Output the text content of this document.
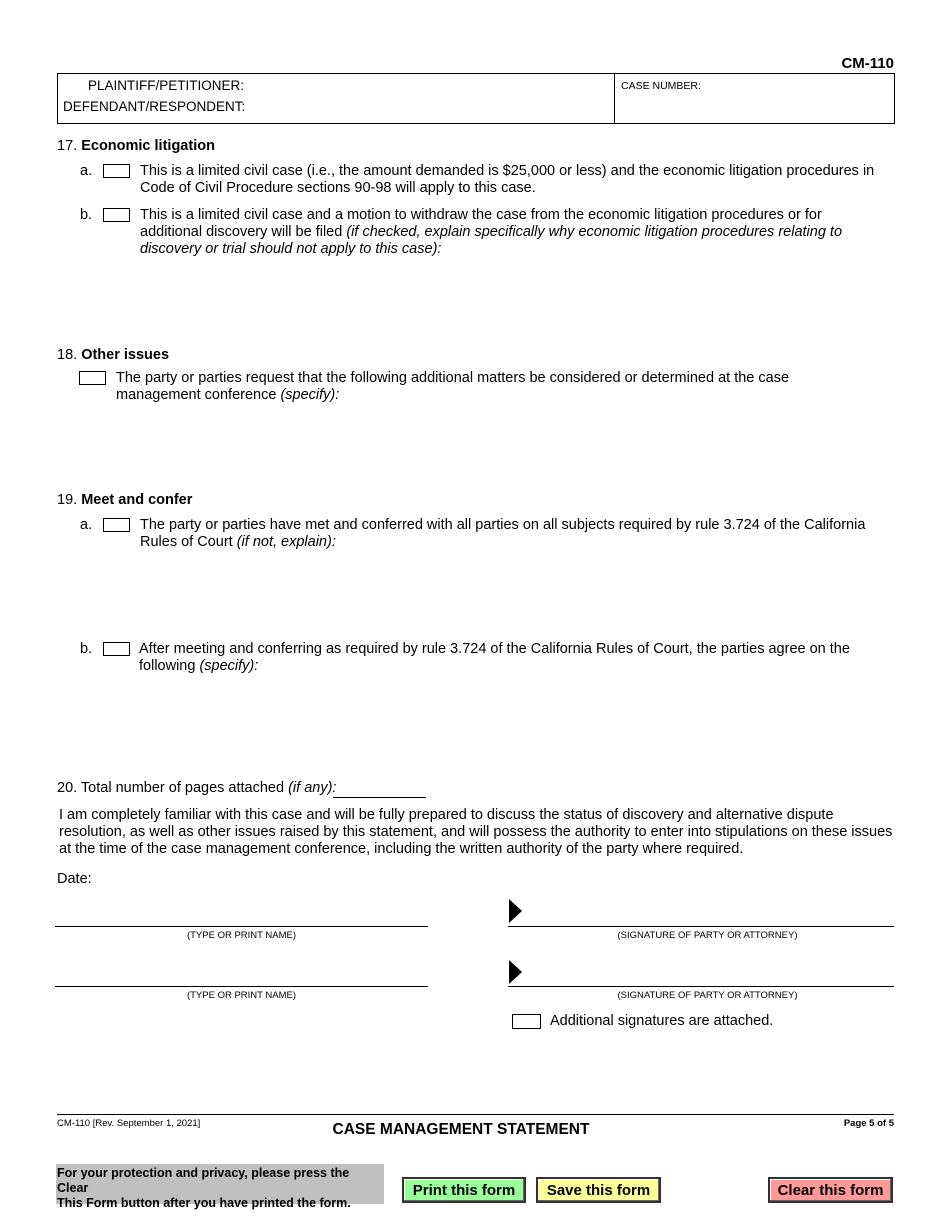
CM-110
PLAINTIFF/PETITIONER:
DEFENDANT/RESPONDENT:
CASE NUMBER:
17. Economic litigation
a.	This is a limited civil case (i.e., the amount demanded is $25,000 or less) and the economic litigation procedures in Code of Civil Procedure sections 90-98 will apply to this case.
b.	This is a limited civil case and a motion to withdraw the case from the economic litigation procedures or for additional discovery will be filed (if checked, explain specifically why economic litigation procedures relating to discovery or trial should not apply to this case):
18. Other issues
The party or parties request that the following additional matters be considered or determined at the case management conference (specify):
19. Meet and confer
a.	The party or parties have met and conferred with all parties on all subjects required by rule 3.724 of the California Rules of Court (if not, explain):
b.	After meeting and conferring as required by rule 3.724 of the California Rules of Court, the parties agree on the following (specify):
20. Total number of pages attached (if any):
I am completely familiar with this case and will be fully prepared to discuss the status of discovery and alternative dispute resolution, as well as other issues raised by this statement, and will possess the authority to enter into stipulations on these issues at the time of the case management conference, including the written authority of the party where required.
Date:
(TYPE OR PRINT NAME)	(SIGNATURE OF PARTY OR ATTORNEY)
(TYPE OR PRINT NAME)	(SIGNATURE OF PARTY OR ATTORNEY)
Additional signatures are attached.
CM-110 [Rev. September 1, 2021]	CASE MANAGEMENT STATEMENT	Page 5 of 5
For your protection and privacy, please press the Clear
This Form button after you have printed the form.
Print this form	Save this form	Clear this form
